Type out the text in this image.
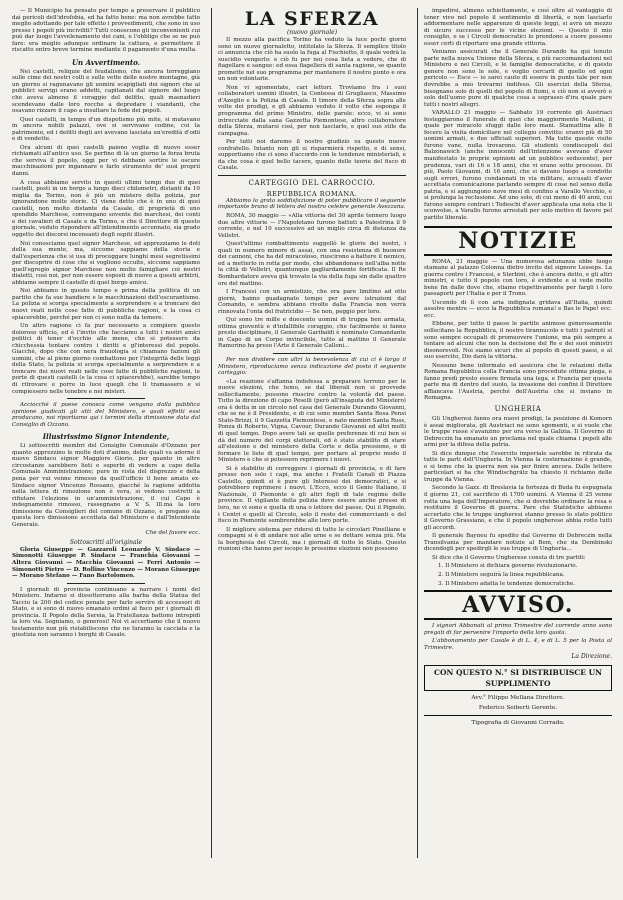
— Il Municipio ha pensato per tempo a preservare il pubblico dai pericoli dell'idrofobia, ed ha fatto bene: ma non avrebbe fatto meglio adottando per tale effetto i provvedimenti, che sono in uso presso i popoli più inciviliti? Tutti conoscono gli inconvenienti cui può dar luogo l'avvelenamento dei cani, e l'obbligo che se ne può fare: era meglio adunque ordinare la cattura, e permettere il riscatto entro breve termine mediante il pagamento d'una multa.

Un Avvertimento.

Nei castelli, reliquie del feudalismo, che ancora torreggiano sulle cime dei nostri colli e sulle vette delle nostre montagne, già un giorno si ragunavano gli uomini scapigliati dei signori che ai pubblici servigi erano addetti, capitanati dal signore del luogo che aveva almeno il coraggio del delitto, quali masnadieri scendevano dalle loro rocche a depredare i viandanti, che osavano rizzare il capo a insultare la fede dei popoli.

Quei castelli, in tempo d'un dispotismo più mite, si mutavano in ancora nobili palazzi, ove si servivano codine, coi la patrimonio, ed i delitti degli avi avevano lasciata un'eredità d'odii e di vendette.

Ora alcuni di quei castelli paiono voglia di nuovo esser richiamati all'antico uso. Se perfino di là un giorno la forza bruta che serviva il popolo, oggi per vi debbano sortire le oscure macchinazioni per ingannare e farlo strumento de' suoi proprii danni.

A cosa abbiamo servito in questi ultimi tempi due di quei castelli, posti in un borgo a lungo dieci chilometri, distanti da 10 miglia da Torino, non è più un mistero della polizia, pur ignorandone molte storie. Ci viene detto che è in uno di quei castelli, non molto distante da Casale, di proprietà di uno spendido Marchese, convengano sovente dei marchesi, dei conti e dei cavalieri di Casale e da Torino, e che il Direttore di questo giornale, veduto rispondere all'intendimento accennato, sia grado oggetto dei discorsi incensanti degli ospiti illustri.

Noi conosciamo quel signor Marchese, ed apprezziamo le doti della sua mente, ma, siccome sappiamo della storia e dall'esperienza che si usa di proceggare lunghi mesi segretissimi per discoprire di cose che si vogliono occulte, siccome sappiamo quell'egregio signor Marchese non molto famigliare coi nostri dialetti, così noi, per non essere esposti di nuovo a questi arbitrii, abbiamo sempre il castello di quel borgo amico.

Noi abbiamo in questo tempo e prima della politica di un partito che fa sue bandiere e le macchinazioni dell'oscurantismo. La polizia si scorga specialmente a sorprendere e a troncare dei nuovi reati nelle cose fatte di pubbliche ragioni, e la cosa ci spiacerebbe, perché per non ci sono nulla da temere.

Un altro ragione ci fa pur necessario a compiere questo doloroso ufficio, ed è l'invito che facciamo a tutti i nostri amici politici di tener d'occhio alle mene, che si potessero da chicchessia tentare contro i diritti e gl'interessi del popolo. Giacché, dopo che con nera frauologia si chiamano fazioni gli uomini, che al pieno giorno combattono per l'integrità delle leggi della Stato, la polizia si scorga specialmente a sorprendere e a troncare dei nuovi reati nelle cose fatte di pubbliche ragioni, le porte di questi castelli (e la cosa ci spiacerebbe), sarebbe tempo di ritrovare e porre in luce quegli che li tramassero e si compiessero nelle tenebre e nei misteri.

Acciocché il paese conosca come vengano dalla pubblica opinione giudicati gli atti del Ministero, e quali effetti essi producano, noi riportiamo qui i termini della dimissione data dal Consiglio di Ozzano.

Illustrissimo Signor Intendente,

Li sottoscritti membri del Consiglio Comunale d'Ozzano per quanto apprezzino le molte doti d'animo, delle quali va adorno il nuovo Sindaco signor Maggiore Giorio, per quanto in altre circostanze sarebbero lieti e superbi di vedere a capo della Comunale Amministrazione; pure in vista del disprezzo e della pena per vui venne rimesso da quell'ufficio il bene amato ex-Sindaco signor Vincenzo Rossano, giacché la ragione addotta nella lettera di rimozione non è vera, si vedono costretti a rifiutare l'elezione in un'amministrazione, il cui Capo è indegnamente rimosso, rassegnano a V. S. Ill.ma la loro dimissione da Consiglieri del comune di Ozzano, e pregano sia questa loro dimissione accettata dal Ministero e dall'Intendente Generale.

Che del favore ecc.

Sottoscritti all'originale

Gloria Giuseppe — Gazzaroli Leonardo V. Sindaco — Simonotti Giuseppe P. Sindaco — Franchia Giovanni — Altera Giovanni — Macchia Giovanni — Ferri Antonio — Simonotti Pietro — D. Rollino Vincenzo — Morano Giuseppe — Morano Stefano — Fano Bartolomeo.

I giornali di provincia continuano a narrare i nomi del Ministero. Indarno si dissotterrano alla barba della Statua del Taccio la 200 del codice penale per farlo servire di accessori di Stato, e si sono di nuovo emanato ordini al fisco per i giornali di provincia. Il Popolo della Sereia, la Fratellanza battono intrepidi la loro via. Segniamo, o generosi! Noi vi accertiamo che il nuovo testamento non più ristabiliscono che ne faranno la cacciata e la giustizia non saranno i borghi di Casale.

LA SFERZA
(nuovo giornale)

Il mezzo alla pacifica Torino ha veduto la luce pochi giorni sono un nuovo giornaletto, intitolato la Sferza. Il semplice titolo ci annuncia che ciò ha suolo la fuga al Fischietto, il quale vedrà la suscidio vengerlo: e ciò fu per noi cosa lieta a vedere, che di fiagellare e sangue: ed essa flagellerà di santa ragione, se quanto promette nel suo programma per mantenere il nostro punto e ora un non volontarie.

Non vi sgomentate, cari lettori. Troviamo fra i suoi collaboratori uomini illustri, la Contessa di Grugliasco, Massimo d'Azeglio e la Polizia di Casale. Il timore della Sferza sopra alle volte dei prodigi, e gli abbiamo veduto il volto che esponga il programma del primo Ministro, delle parole: ecco, vi si sono intrecciate dalla sana Gazzetta Piemontese, altro collaboratore della Sferza, mutarsi così, per non lasciarlo, e quel suo stile da campagna.

Per tutti noi daremo il nostro giudizio su questo nuovo confratello. Intanto non gli si risparmierà rispetto, e di sensi, supportiamo che ci sono d'accordo con le tendenze ministeriali, e da che cosa è quel bello tacere, quanto delle teorie del fisco di Casale.

CARTEGGIO DEL CARROCCIO.
REPUBBLICA ROMANA.

Abbiamo la grata soddisfazione di poter pubblicare il seguente importante brano di lettera del nostro celebre generale Avezzana.

ROMA, 30 maggio — «Alla vittoria del 30 aprile tennero luogo due altre vittorie — l'Napoletano furono battuti a Palestrina il 9 corrente, e nel 19 successivo ad un miglio circa di distanza da Velletri.

Quest'ultimo combattimento suggellò le glorie dei nostri, i quali in numero minore di assai, con una resistenza di buonore dei cannoni, che ha del miracoloso, riuscirono a battere il nemico, ed a metterlo in rotta per modo, che abbandonava nell'alba notte la città di Velletri, quantunque gagliardamente fortificata. Il Re Bombardatore aveva già trovato la via della fuga sin dalle quattro ore del mattino.

I Francesi con un armistizio, che ora pare limitino ad otto giorni, hanno guadagnato tempo per avere istruzioni dal Comando, e sembra abbiano rivolte dalla Francia non verrà rinnovata l'onta del fratricidio — Se non, peggio per loro.

Qui sono tre mille e duecento uomini di truppa ben armata, ottima gioventù e d'infallibile coraggio, che facilmente si fanno presto disciplinare, il Generale Garibaldi è nominato Comandante in Capo di un Corpo invincibile, tutto al mattino il Generale Ramorino ha preso l'Arte il Generale Calloni...

Per non dividere con altri la benevolenza di cui ci è largo il Ministero, riproduciamo senza indicazione del posto il seguente carteggio:

«La reazione s'affanna indefessa a preparare terreno per le nuove elezioni, che temo, se dal liberali non si provvede sollecitamente, possono riuscire contro la volontà del paese. Tutto la direzione di capo Peselli (però all'insaputa del Ministero) ora è detta in un circolo nel casa del Generale Durando Giovanni, che se ne è il Presidente, e di cui sono membri Santa Rosa Pensi Stato-Brizzi, il 9 Gazzetta Piemontese, e nato membri Santa Ross, Ponza di Roberto, Vigna, Cavour, Durando Giovanni ed altri molti di quel tempo. Dopo avere tali se quelle preferenze di cui ben si dà del numero del corpi elettorali, ed è stato stabilito di stare all'elezione e del ministero della Corte e della pressione, e di formare le liste di quel tempo, per portare al proprio modo il Ministero e che si potessero reprimere i nuovi.

Si è stabilito di correggere i giornali di provincia, e di fare presso non solo i capi, ma anche i Fratelli Canali di Piazza Castello, quindi si è pure gli Interessi dei democratici, e si potrebbero reprimere i nuovi. L'Ecco, ecco il Genio Italiano, il Nazionale, il Piemonte e gli altri fogli di tale regime delle province. Il vigilante della polizia deve essere anche presso di loro, ne vi sono e quella di una o lettore del paese. Qui il Pignolo, i Centri e quelli al Circolo, solo il resto dei commercianti e del fisco in Piemonte sembrerebbe alle loro porte.

Il migliore sistema per ridersi di tutte le circolari Pinelliane e compagni si è di andare noi alle urne e se dettare senza più. Ma la borghesia dei Circoli, ma i giornali di tutto lo Stato. Questo riunioni che hanno per iscopo le prossime elezioni non possono

impedirsi, almeno schiettamente, e così oltre al vantaggio di tener vivo nel popolo il sentimento di libertà, e non lasciarlo addormentare nelle apparenze di queste leggi, si avrà un mezzo di sicuro successo per le vicine elezioni. — Questo il mio consiglio, e se i Circoli democratici lo prendono a cuore possono esser certi di riportare una grande vittoria.

Veniamo assicurati che il Generale Durando ha qui tenuto parte nella nuova Unione della Sferza, e più raccomandazioni nel Ministero e nei Circoli, e le famiglie democratiche, e di questo genere non sono le sole, e voglio cercarli di quello ed ogni pericolo — Esce — io sarei cauto di essere in punto tale per non dovrebbe a mio trovarmi indifeso. Gli esercizi della Sferza, bisognano solo di quelli del popolo di fiumi, e ciò non si avverò e solo dell'uomo pure di qualche cosa a soprasso d'ira quale pare tutti i nostri allegri.

VARALLO 21 maggio — Sabbato 19 corrente gli Austriaci festeggiarono il funerale di quei che maggiormente Malleni, il quale per miracolo sfuggì dalle loro mani. Stamattina alle 8 fecero la visita domiciliare nel collegio convitto: eranvi più di 50 uomini armati, e due ufficiali superiori. Ma tutte queste visite furono vane, nulla trovarono. Gli studenti condiscepoli del Balzonawich (anche innocenti dell'intenzione avevano d'aver manifestato le proprie opinioni ad un pubblico seducente), per prudenza, vari di 16 e 18 anni, che vi erano sotto processo. Di più, Paolo Giovanni, di 16 anni, che si davano luogo a condotte sugli errori, furono condannati in via militare, accusati d'aver accettata comunicazione parlando sempre di cose nel senso della patria, e si aggiungono nove mesi di confino a Varallo Vecchio, e si prolunga la reclusione. Ad uno solo, di cui meno di 40 anni, cui furono sempre contrari i Tedeschi d'aver applicata una nota che li sconvolse, a Varallo furono arrestati per solo motivo di favore pel partito liberale.

NOTIZIE

ROMA, 21 maggio — Una numerosa adunanza ebbe luogo stamane al palazzo Colonna dietro invito del signore Lesseps. La guerra contro i Francesi, e Sterbini, che è ancora detto, e gli altri ministri, e tutto il popolo con loro, è evidente e si vede molto bene fin dalle dove che, stiamo rispettivamente per fargli i loro passaporti per l'Italia e per il Trono.

Uscendo di lì con aria indignata gridava all'Italia, quindi assolve mentre — ecco la Repubblica romana! e Bas le Pape! ecc. ecc.

Ebbene, per tutto il paese le partite animose generosamente sollecitano la Repubblica, il nostro tirannucolo e tutti i patrioti si sono sempre occupati di promuovere l'unione, ma più sempre a tentare ad alcuni che non la decisione del Re e dei suoi ministri disonorevoli. Noi siamo sicuri che al popolo di questi paesi, e al suo esercito, Dio darà la vittoria.

Nessuno bene informato ed assicura che le relazioni della Romana Repubblica colla Francia sono procedute ottima piega, e fanno predì presto essere firmata una lega, e Francia per questa parte ma di dentro del suolo, la invasione dei confini il Direttore affiancava l'Austria, perché dell'Austria che si inviano in Romagna.

UNGHERIA

Gli Ungheresi fanno ora nuovi prodigi, la posizione di Komorn è assai migliorata, gli Austriaci ne sono sgomenti, e si vuole che le truppe russe s'avanzino per ora verso la Galizia. Il Governo di Debreczin ha emanato un proclama nel quale chiama i popoli alle armi per la difesa della patria.

Si dice dunque che l'esercito imperiale sarebbe in ritirata da tutte le parti dell'Ungheria. In Vienna la costernazione è grande, e si teme che la guerra non sia per finire ancora. Dalle lettere particolari si ha che Windischgrätz ha chiesto il richiamo delle truppe da Vienna.

Secondo la Gazz. di Breslavia la fortezza di Buda fu espugnata il giorno 21, col sacrificio di 1700 uomini. A Vienna il 25 venne rotta una lega dell'Imperatore, che si dovrebbe ordinare la resa e restituire il Governo di guerra. Pare che Statistiche abbiamo accertato che le truppe ungheresi stanno presso lo stato politico il Governo Grassiano, e che il popolo ungherese abbia rotto tutti gli accordi.

Il generale Bayneu fu spedito dal Governo di Debreczin nella Transilvania per mandare notizie al Bem, che da Dembinski dicendogli per spedirgli le sue truppe di Ungheria...

Si dice che il Governo Ungherese consta di tre partiti:

1. Il Ministero si dichiara governo rivoluzionario.

2. Il Ministero seguirà la linea repubblicana.

3. Il Ministero adatta le tendenze democratiche.

AVVISO.

I signori Abbonati al primo Trimestre del corrente anno sono pregati di far pervenire l'importo della loro quota.

L'abbonamento per Casale è di L. 4, e di L. 5 per la Posta al Trimestre.

La Direzione.
CON QUESTO N.° SI DISTRIBUISCE UN SUPPLIMENTO
Avv.° Filippo Mellana Direttore.
Federico Seiberti Gerente.
Tipografia di Giovanni Corrado.
